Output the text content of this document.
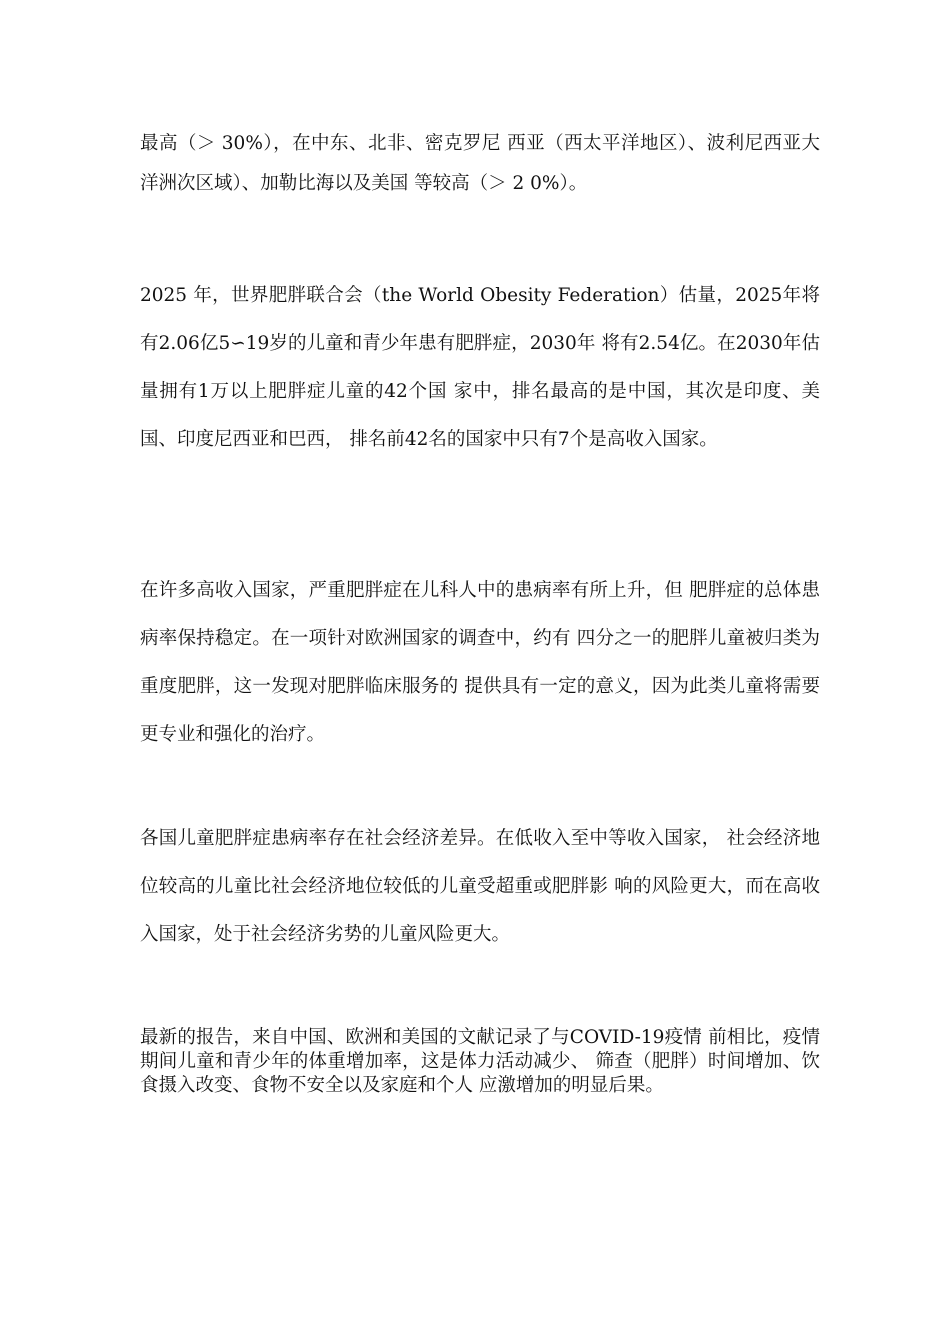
最高（＞ 30%），在中东、北非、密克罗尼 西亚（西太平洋地区）、波利尼西亚大洋洲次区域）、加勒比海以及美国 等较高（＞ 2 0%）。

2025 年，世界肥胖联合会（the World Obesity Federation）估量，2025年将有2.06亿5∽19岁的儿童和青少年患有肥胖症，2030年 将有2.54亿。在2030年估量拥有1万以上肥胖症儿童的42个国 家中，排名最高的是中国，其次是印度、美国、印度尼西亚和巴西， 排名前42名的国家中只有7个是高收入国家。

在许多高收入国家，严重肥胖症在儿科人中的患病率有所上升，但 肥胖症的总体患病率保持稳定。在一项针对欧洲国家的调查中，约有 四分之一的肥胖儿童被归类为重度肥胖，这一发现对肥胖临床服务的 提供具有一定的意义，因为此类儿童将需要更专业和强化的治疗。

各国儿童肥胖症患病率存在社会经济差异。在低收入至中等收入国家， 社会经济地位较高的儿童比社会经济地位较低的儿童受超重或肥胖影 响的风险更大，而在高收入国家，处于社会经济劣势的儿童风险更大。

最新的报告，来自中国、欧洲和美国的文献记录了与COVID-19疫情 前相比，疫情期间儿童和青少年的体重增加率，这是体力活动减少、 筛查（肥胖）时间增加、饮食摄入改变、食物不安全以及家庭和个人 应激增加的明显后果。
